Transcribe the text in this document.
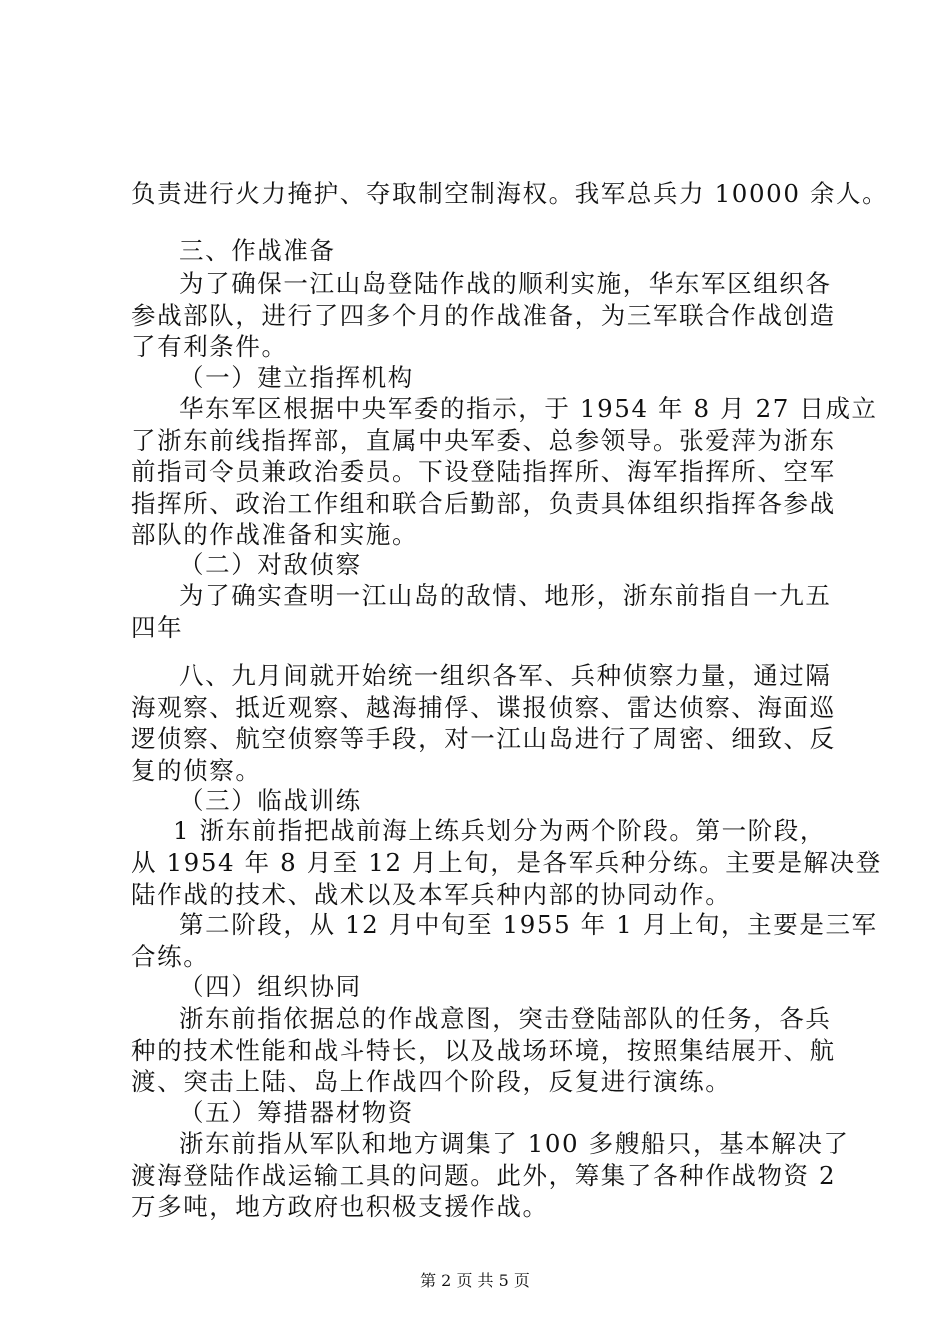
负责进行火力掩护、夺取制空制海权。我军总兵力 10000 余人。
三、作战准备
为了确保一江山岛登陆作战的顺利实施，华东军区组织各
参战部队，进行了四多个月的作战准备，为三军联合作战创造
了有利条件。
（一）建立指挥机构
华东军区根据中央军委的指示，于 1954 年 8 月 27 日成立
了浙东前线指挥部，直属中央军委、总参领导。张爱萍为浙东
前指司令员兼政治委员。下设登陆指挥所、海军指挥所、空军
指挥所、政治工作组和联合后勤部，负责具体组织指挥各参战
部队的作战准备和实施。
（二）对敌侦察
为了确实查明一江山岛的敌情、地形，浙东前指自一九五
四年
八、九月间就开始统一组织各军、兵种侦察力量，通过隔
海观察、抵近观察、越海捕俘、谍报侦察、雷达侦察、海面巡
逻侦察、航空侦察等手段，对一江山岛进行了周密、细致、反
复的侦察。
（三）临战训练
1 浙东前指把战前海上练兵划分为两个阶段。第一阶段，
从 1954 年 8 月至 12 月上旬，是各军兵种分练。主要是解决登
陆作战的技术、战术以及本军兵种内部的协同动作。
第二阶段，从 12 月中旬至 1955 年 1 月上旬，主要是三军
合练。
（四）组织协同
浙东前指依据总的作战意图，突击登陆部队的任务，各兵
种的技术性能和战斗特长，以及战场环境，按照集结展开、航
渡、突击上陆、岛上作战四个阶段，反复进行演练。
（五）筹措器材物资
浙东前指从军队和地方调集了 100 多艘船只，基本解决了
渡海登陆作战运输工具的问题。此外，筹集了各种作战物资 2
万多吨，地方政府也积极支援作战。
第 2 页 共 5 页
